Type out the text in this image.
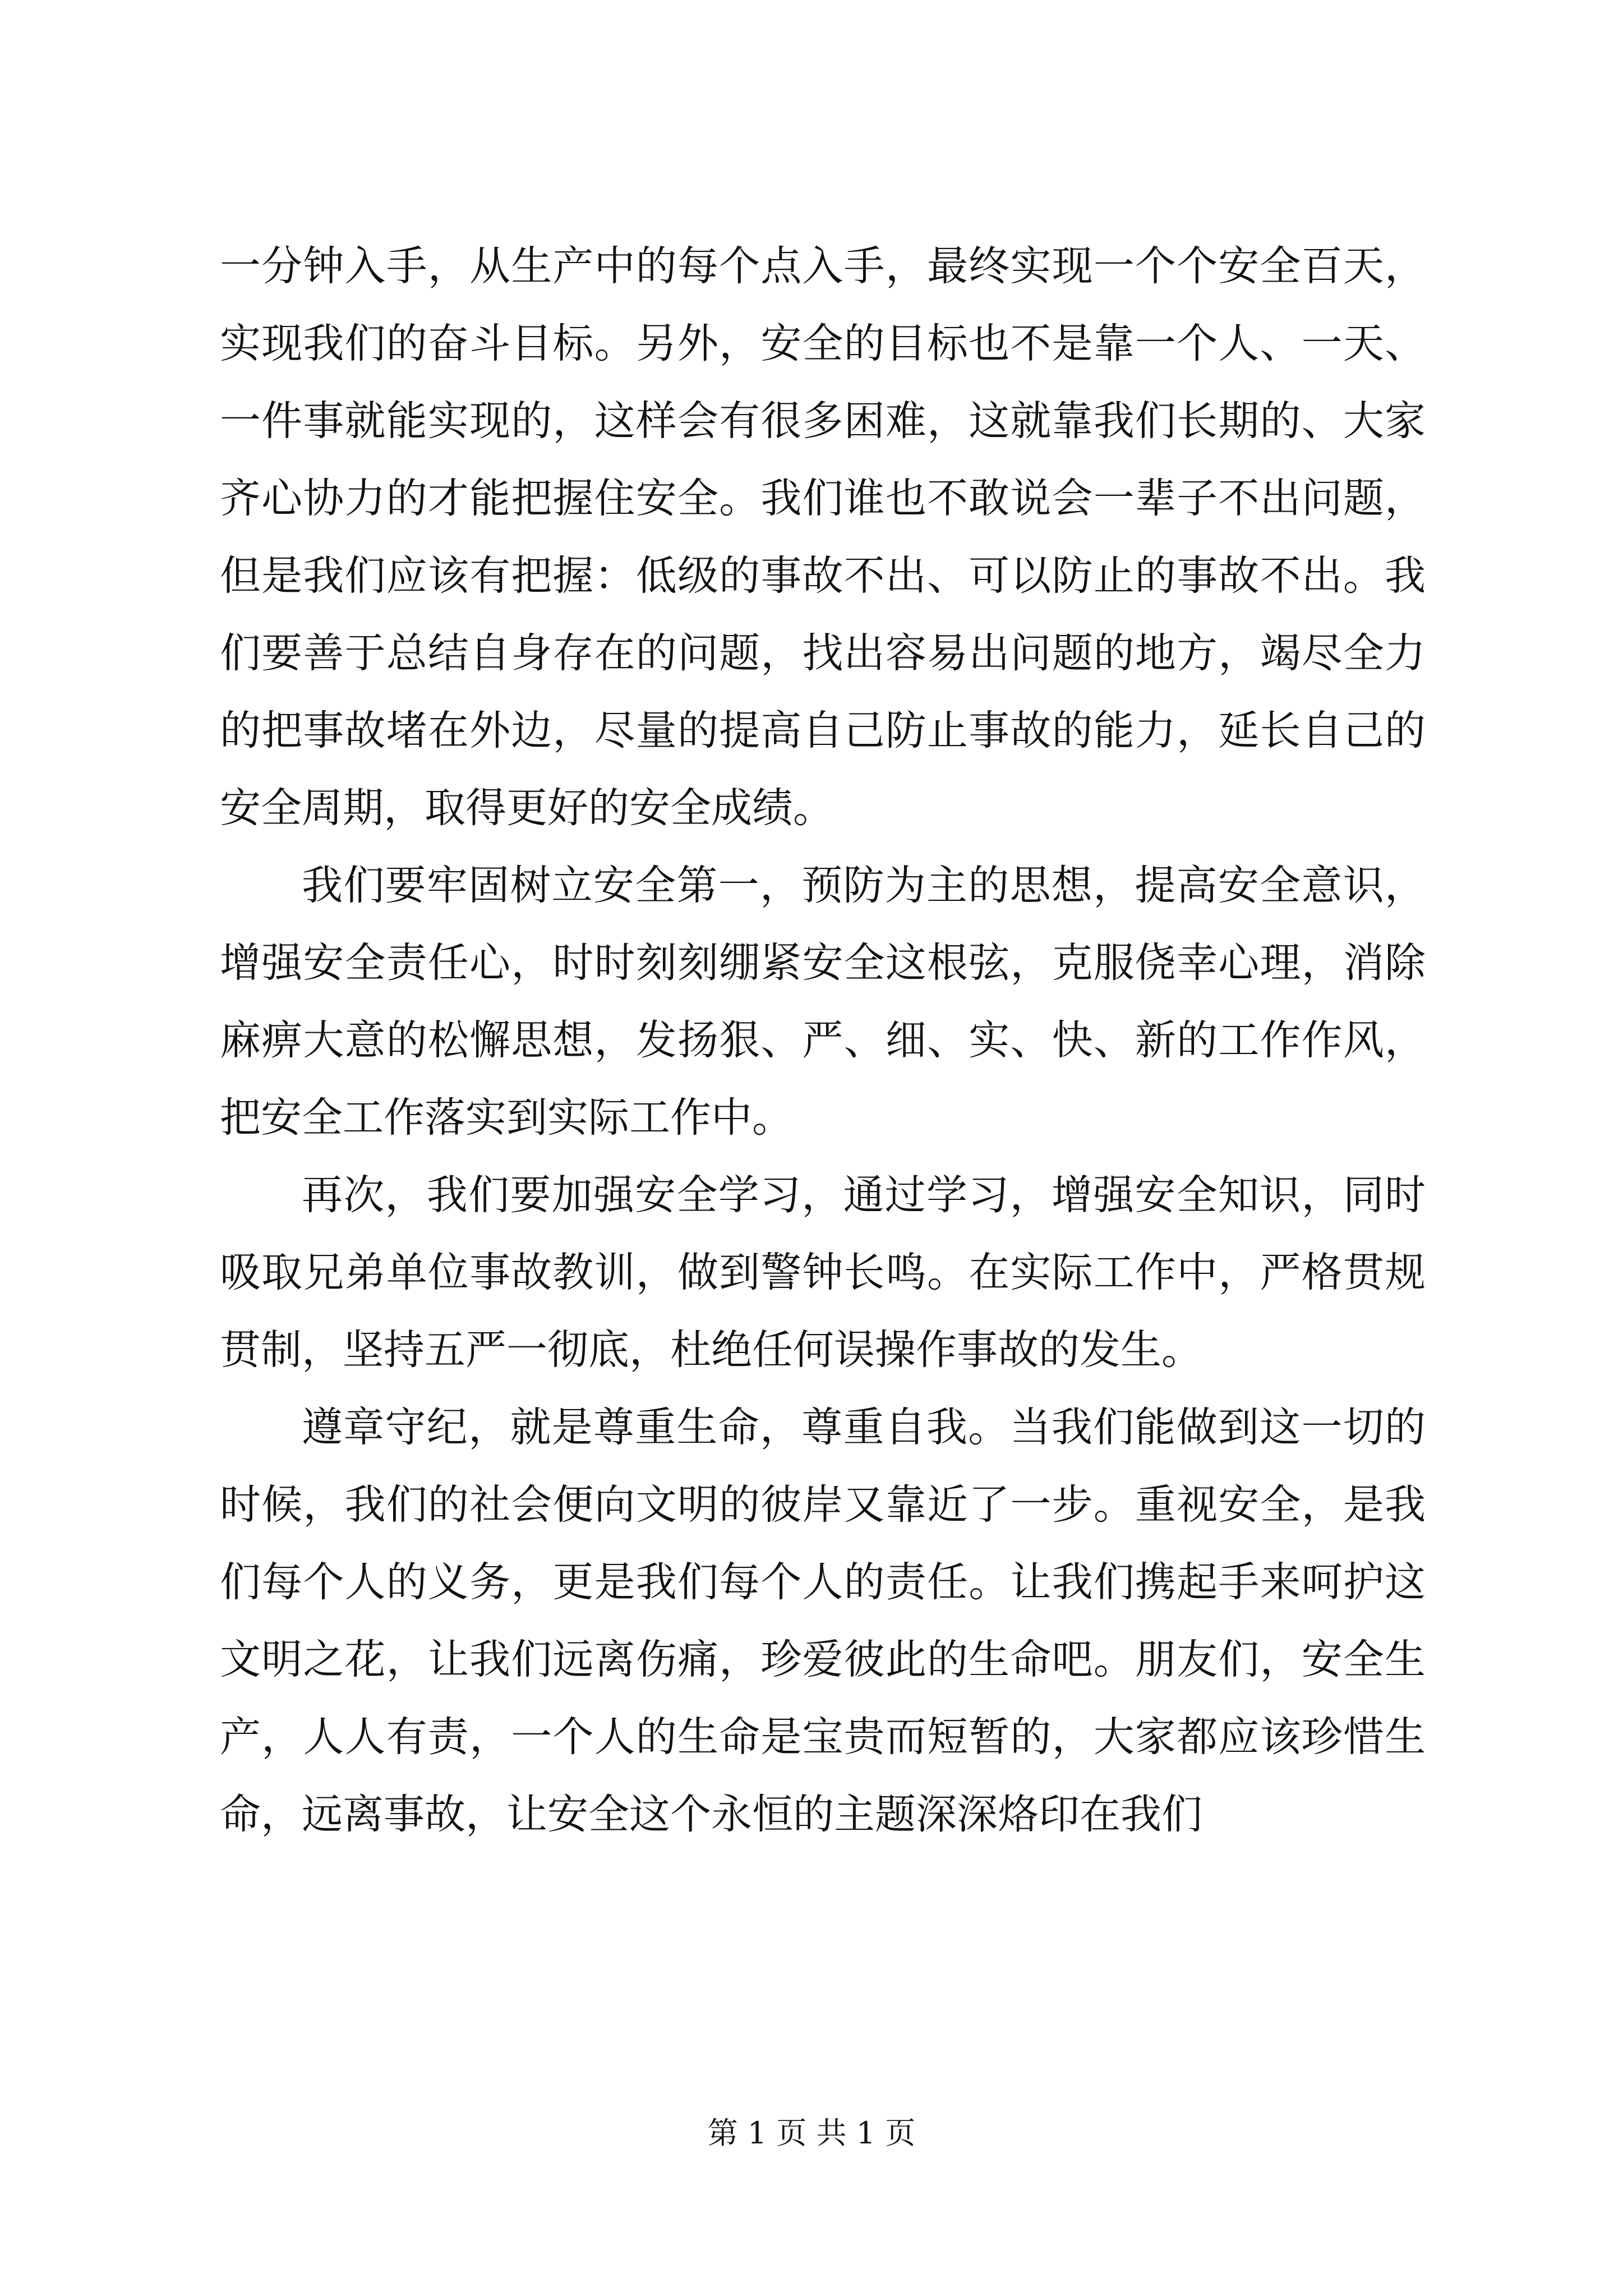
一分钟入手，从生产中的每个点入手，最终实现一个个安全百天，实现我们的奋斗目标。另外，安全的目标也不是靠一个人、一天、一件事就能实现的，这样会有很多困难，这就靠我们长期的、大家齐心协力的才能把握住安全。我们谁也不敢说会一辈子不出问题，但是我们应该有把握：低级的事故不出、可以防止的事故不出。我们要善于总结自身存在的问题，找出容易出问题的地方，竭尽全力的把事故堵在外边，尽量的提高自己防止事故的能力，延长自己的安全周期，取得更好的安全成绩。

我们要牢固树立安全第一，预防为主的思想，提高安全意识，增强安全责任心，时时刻刻绷紧安全这根弦，克服侥幸心理，消除麻痹大意的松懈思想，发扬狠、严、细、实、快、新的工作作风，把安全工作落实到实际工作中。

再次，我们要加强安全学习，通过学习，增强安全知识，同时吸取兄弟单位事故教训，做到警钟长鸣。在实际工作中，严格贯规贯制，坚持五严一彻底，杜绝任何误操作事故的发生。

遵章守纪，就是尊重生命，尊重自我。当我们能做到这一切的时候，我们的社会便向文明的彼岸又靠近了一步。重视安全，是我们每个人的义务，更是我们每个人的责任。让我们携起手来呵护这文明之花，让我们远离伤痛，珍爱彼此的生命吧。朋友们，安全生产，人人有责，一个人的生命是宝贵而短暂的，大家都应该珍惜生命，远离事故，让安全这个永恒的主题深深烙印在我们

第 1 页 共 1 页
